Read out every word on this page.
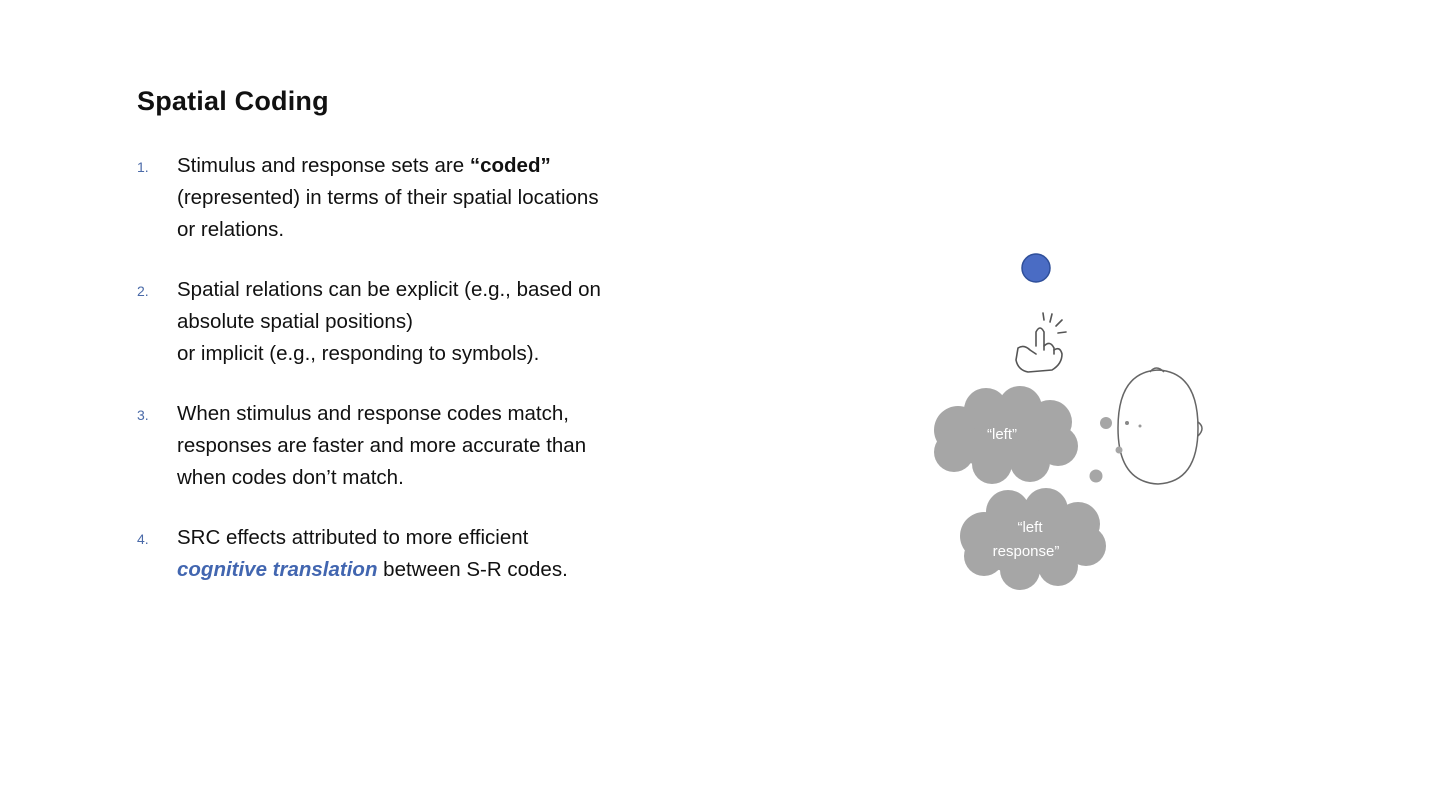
Spatial Coding
1. Stimulus and response sets are “coded”
(represented) in terms of their spatial locations
or relations.
2. Spatial relations can be explicit (e.g., based on
absolute spatial positions)
or implicit (e.g., responding to symbols).
3. When stimulus and response codes match,
responses are faster and more accurate than
when codes don’t match.
4. SRC effects attributed to more efficient
cognitive translation between S-R codes.
“left”
“left
response”
